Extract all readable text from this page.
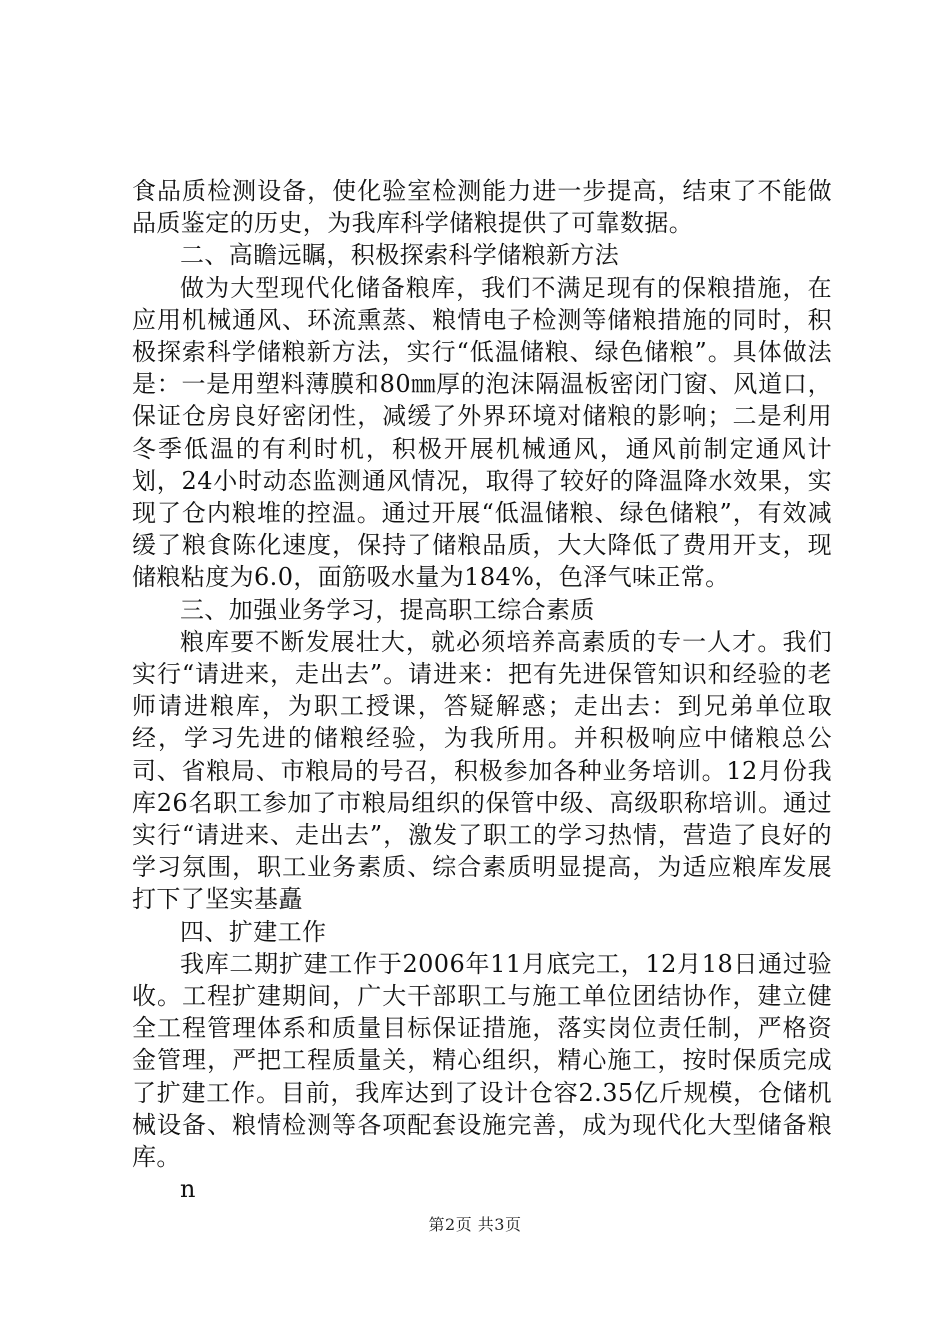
食品质检测设备，使化验室检测能力进一步提高，结束了不能做品质鉴定的历史，为我库科学储粮提供了可靠数据。

二、高瞻远瞩，积极探索科学储粮新方法

做为大型现代化储备粮库，我们不满足现有的保粮措施，在应用机械通风、环流熏蒸、粮情电子检测等储粮措施的同时，积极探索科学储粮新方法，实行“低温储粮、绿色储粮”。具体做法是：一是用塑料薄膜和80㎜厚的泡沫隔温板密闭门窗、风道口，保证仓房良好密闭性，减缓了外界环境对储粮的影响；二是利用冬季低温的有利时机，积极开展机械通风，通风前制定通风计划，24小时动态监测通风情况，取得了较好的降温降水效果，实现了仓内粮堆的控温。通过开展“低温储粮、绿色储粮”，有效减缓了粮食陈化速度，保持了储粮品质，大大降低了费用开支，现储粮粘度为6.0，面筋吸水量为184%，色泽气味正常。

三、加强业务学习，提高职工综合素质

粮库要不断发展壮大，就必须培养高素质的专一人才。我们实行“请进来，走出去”。请进来：把有先进保管知识和经验的老师请进粮库，为职工授课，答疑解惑；走出去：到兄弟单位取经，学习先进的储粮经验，为我所用。并积极响应中储粮总公司、省粮局、市粮局的号召，积极参加各种业务培训。12月份我库26名职工参加了市粮局组织的保管中级、高级职称培训。通过实行“请进来、走出去”，激发了职工的学习热情，营造了良好的学习氛围，职工业务素质、综合素质明显提高，为适应粮库发展打下了坚实基矗

四、扩建工作

我库二期扩建工作于2006年11月底完工，12月18日通过验收。工程扩建期间，广大干部职工与施工单位团结协作，建立健全工程管理体系和质量目标保证措施，落实岗位责任制，严格资金管理，严把工程质量关，精心组织，精心施工，按时保质完成了扩建工作。目前，我库达到了设计仓容2.35亿斤规模，仓储机械设备、粮情检测等各项配套设施完善，成为现代化大型储备粮库。

n

第2页 共3页
